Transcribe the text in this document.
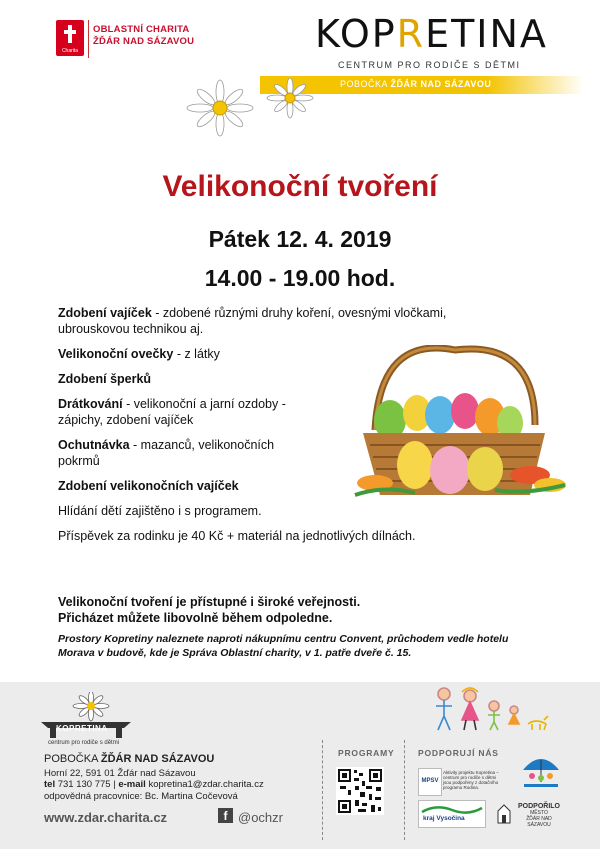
Charita
OBLASTNÍ CHARITA
ŽĎÁR NAD SÁZAVOU	KOPRETINA
CENTRUM PRO RODIČE S DĚTMI
POBOČKA ŽĎÁR NAD SÁZAVOU
Velikonoční tvoření
Pátek 12. 4. 2019
14.00 - 19.00 hod.
Zdobení vajíček - zdobené různými druhy koření, ovesnými vločkami, ubrouskovou technikou aj.
Velikonoční ovečky - z látky
Zdobení šperků
Drátkování - velikonoční a jarní ozdoby - zápichy, zdobení vajíček
Ochutnávka - mazanců, velikonočních pokrmů
Zdobení velikonočních vajíček
Hlídání dětí zajištěno i s programem.
Příspěvek za rodinku je 40 Kč + materiál na jednotlivých dílnách.
Velikonoční tvoření je přístupné i široké veřejnosti.
Přicházet můžete libovolně během odpoledne.
Prostory Kopretiny naleznete naproti nákupnímu centru Convent, průchodem vedle hotelu Morava v budově, kde je Správa Oblastní charity, v 1. patře dveře č. 15.
KOPRETINA
centrum pro rodiče s dětmi
POBOČKA ŽĎÁR NAD SÁZAVOU
Horní 22, 591 01 Žďár nad Sázavou
tel 731 130 775 | e-mail kopretina1@zdar.charita.cz
odpovědná pracovnice: Bc. Martina Cočevová
www.zdar.charita.cz	f @ochzr
PROGRAMY	PODPORUJÍ NÁS
MPSV
Aktivity projektu Kopretina – centrum pro rodiče s dětmi jsou podpořeny z dotačního programu Rodina.
kraj Vysočina
PODPOŘILO
MĚSTO
ŽĎÁR NAD SÁZAVOU
